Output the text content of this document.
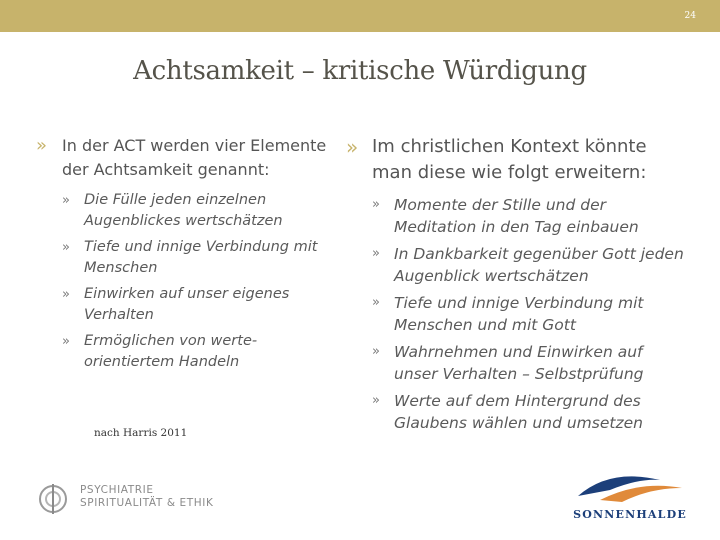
24
Achtsamkeit – kritische Würdigung

» In der ACT werden vier Elemente der Achtsamkeit genannt:

» Die Fülle jeden einzelnen Augenblickes wertschätzen
» Tiefe und innige Verbindung mit Menschen
» Einwirken auf unser eigenes Verhalten
» Ermöglichen von werte-orientiertem Handeln
nach Harris 2011

» Im christlichen Kontext könnte man diese wie folgt erweitern:

» Momente der Stille und der Meditation in den Tag einbauen
» In Dankbarkeit gegenüber Gott jeden Augenblick wertschätzen
» Tiefe und innige Verbindung mit Menschen und mit Gott
» Wahrnehmen und Einwirken auf unser Verhalten – Selbstprüfung
» Werte auf dem Hintergrund des Glaubens wählen und umsetzen
PSYCHIATRIE
SPIRITUALITÄT & ETHIK
SONNENHALDE
